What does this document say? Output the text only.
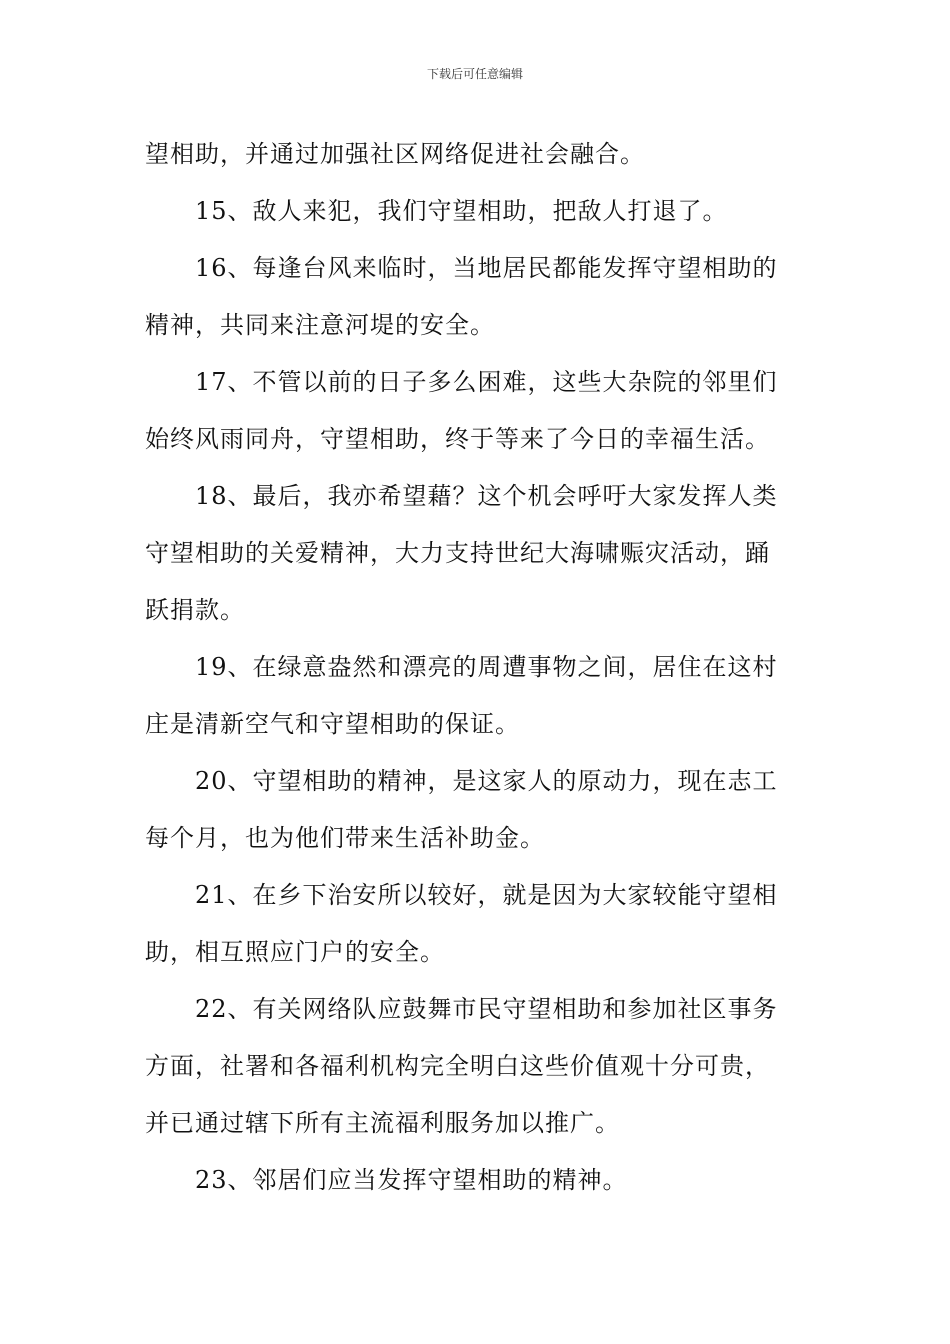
下载后可任意编辑
望相助，并通过加强社区网络促进社会融合。
15、敌人来犯，我们守望相助，把敌人打退了。
16、每逢台风来临时，当地居民都能发挥守望相助的
精神，共同来注意河堤的安全。
17、不管以前的日子多么困难，这些大杂院的邻里们
始终风雨同舟，守望相助，终于等来了今日的幸福生活。
18、最后，我亦希望藉？这个机会呼吁大家发挥人类
守望相助的关爱精神，大力支持世纪大海啸赈灾活动，踊
跃捐款。
19、在绿意盎然和漂亮的周遭事物之间，居住在这村
庄是清新空气和守望相助的保证。
20、守望相助的精神，是这家人的原动力，现在志工
每个月，也为他们带来生活补助金。
21、在乡下治安所以较好，就是因为大家较能守望相
助，相互照应门户的安全。
22、有关网络队应鼓舞市民守望相助和参加社区事务
方面，社署和各福利机构完全明白这些价值观十分可贵，
并已通过辖下所有主流福利服务加以推广。
23、邻居们应当发挥守望相助的精神。
